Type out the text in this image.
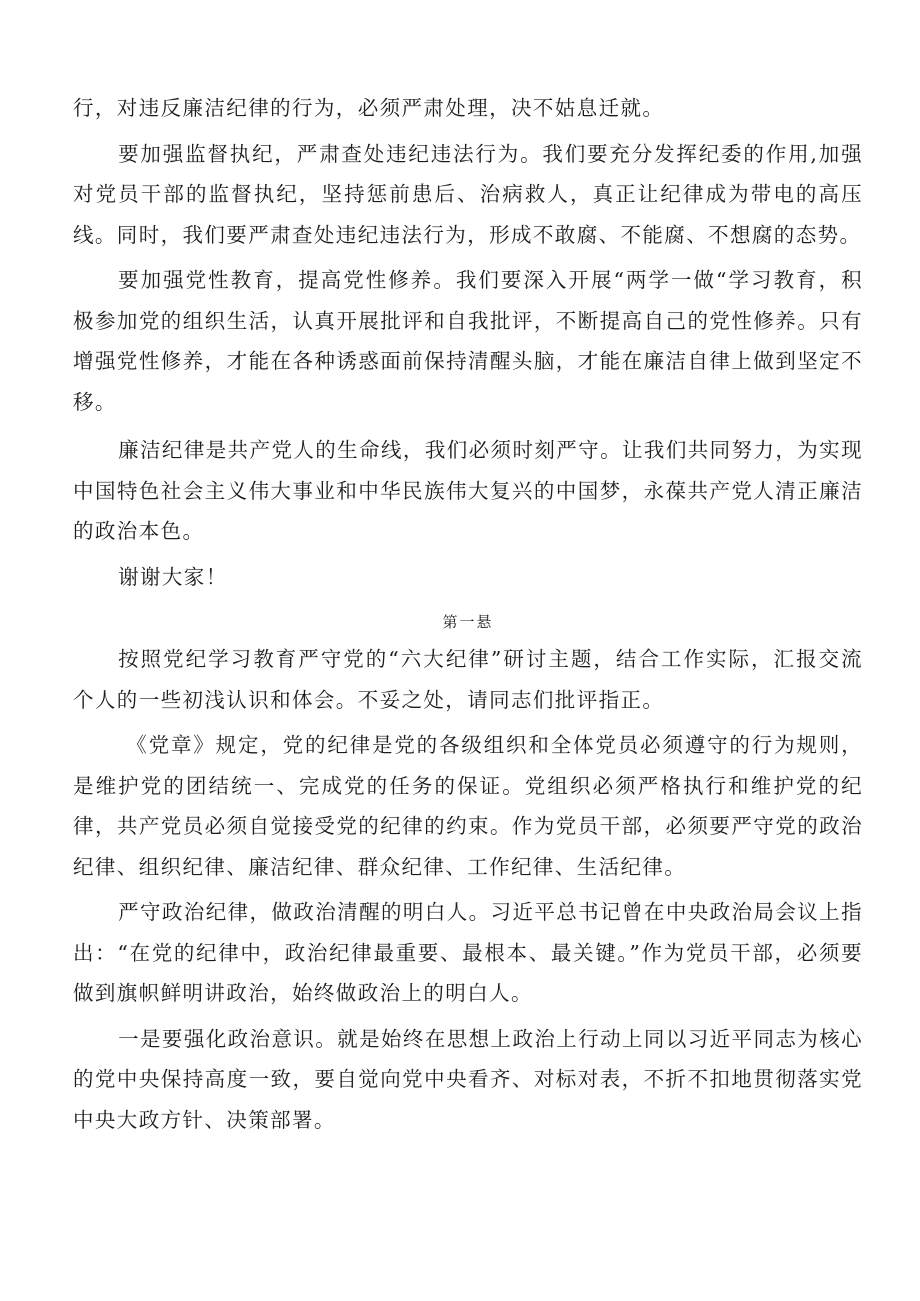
行，对违反廉洁纪律的行为，必须严肃处理，决不姑息迁就。

要加强监督执纪，严肃查处违纪违法行为。我们要充分发挥纪委的作用,加强对党员干部的监督执纪，坚持惩前患后、治病救人，真正让纪律成为带电的高压线。同时，我们要严肃查处违纪违法行为，形成不敢腐、不能腐、不想腐的态势。

要加强党性教育，提高党性修养。我们要深入开展“两学一做“学习教育，积极参加党的组织生活，认真开展批评和自我批评，不断提高自己的党性修养。只有增强党性修养，才能在各种诱惑面前保持清醒头脑，才能在廉洁自律上做到坚定不移。

廉洁纪律是共产党人的生命线，我们必须时刻严守。让我们共同努力，为实现中国特色社会主义伟大事业和中华民族伟大复兴的中国梦，永葆共产党人清正廉洁的政治本色。

谢谢大家！

第一悬

按照党纪学习教育严守党的“六大纪律”研讨主题，结合工作实际，汇报交流个人的一些初浅认识和体会。不妥之处，请同志们批评指正。

《党章》规定，党的纪律是党的各级组织和全体党员必须遵守的行为规则，是维护党的团结统一、完成党的任务的保证。党组织必须严格执行和维护党的纪律，共产党员必须自觉接受党的纪律的约束。作为党员干部，必须要严守党的政治纪律、组织纪律、廉洁纪律、群众纪律、工作纪律、生活纪律。

严守政治纪律，做政治清醒的明白人。习近平总书记曾在中央政治局会议上指出：“在党的纪律中，政治纪律最重要、最根本、最关键。”作为党员干部，必须要做到旗帜鲜明讲政治，始终做政治上的明白人。

一是要强化政治意识。就是始终在思想上政治上行动上同以习近平同志为核心的党中央保持高度一致，要自觉向党中央看齐、对标对表，不折不扣地贯彻落实党中央大政方针、决策部署。
